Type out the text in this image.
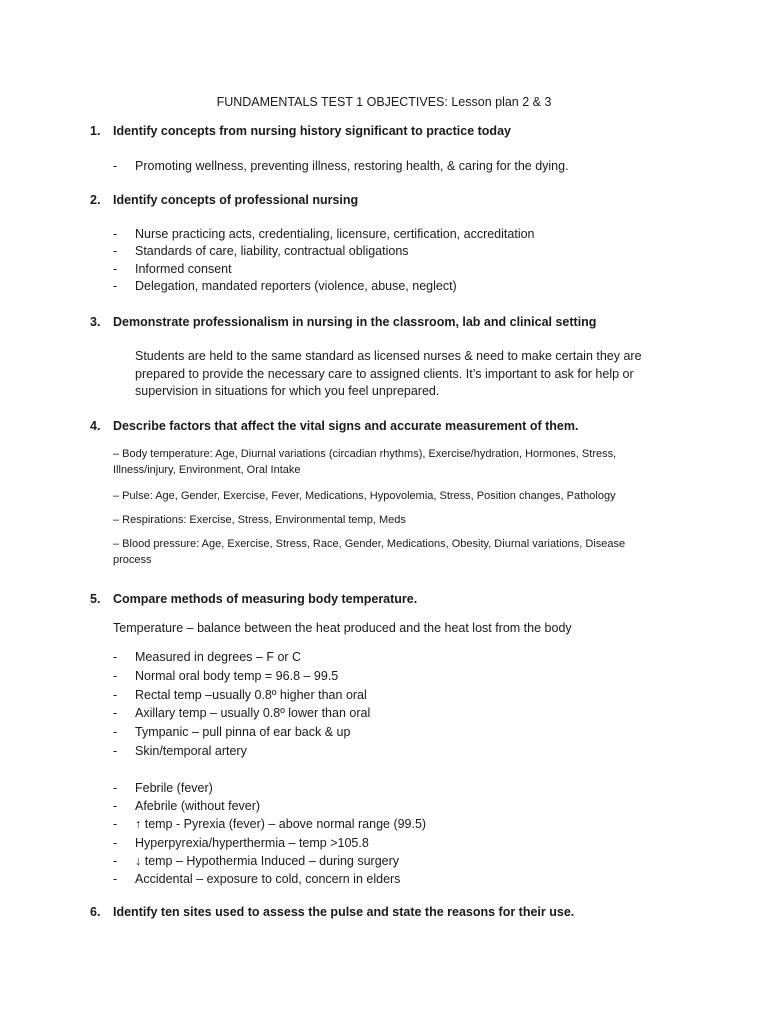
FUNDAMENTALS TEST 1 OBJECTIVES: Lesson plan 2 & 3
1. Identify concepts from nursing history significant to practice today
- Promoting wellness, preventing illness, restoring health, & caring for the dying.
2. Identify concepts of professional nursing
- Nurse practicing acts, credentialing, licensure, certification, accreditation
- Standards of care, liability, contractual obligations
- Informed consent
- Delegation, mandated reporters (violence, abuse, neglect)
3. Demonstrate professionalism in nursing in the classroom, lab and clinical setting
Students are held to the same standard as licensed nurses & need to make certain they are prepared to provide the necessary care to assigned clients. It’s important to ask for help or supervision in situations for which you feel unprepared.
4. Describe factors that affect the vital signs and accurate measurement of them.
– Body temperature: Age, Diurnal variations (circadian rhythms), Exercise/hydration, Hormones, Stress, Illness/injury, Environment, Oral Intake
– Pulse: Age, Gender, Exercise, Fever, Medications, Hypovolemia, Stress, Position changes, Pathology
– Respirations: Exercise, Stress, Environmental temp, Meds
– Blood pressure: Age, Exercise, Stress, Race, Gender, Medications, Obesity, Diurnal variations, Disease process
5. Compare methods of measuring body temperature.
Temperature – balance between the heat produced and the heat lost from the body
- Measured in degrees – F or C
- Normal oral body temp = 96.8 – 99.5
- Rectal temp –usually 0.8º higher than oral
- Axillary temp – usually 0.8º lower than oral
- Tympanic – pull pinna of ear back & up
- Skin/temporal artery
- Febrile (fever)
- Afebrile (without fever)
- ↑ temp - Pyrexia (fever) – above normal range (99.5)
- Hyperpyrexia/hyperthermia – temp >105.8
- ↓ temp – Hypothermia Induced – during surgery
- Accidental – exposure to cold, concern in elders
6. Identify ten sites used to assess the pulse and state the reasons for their use.
